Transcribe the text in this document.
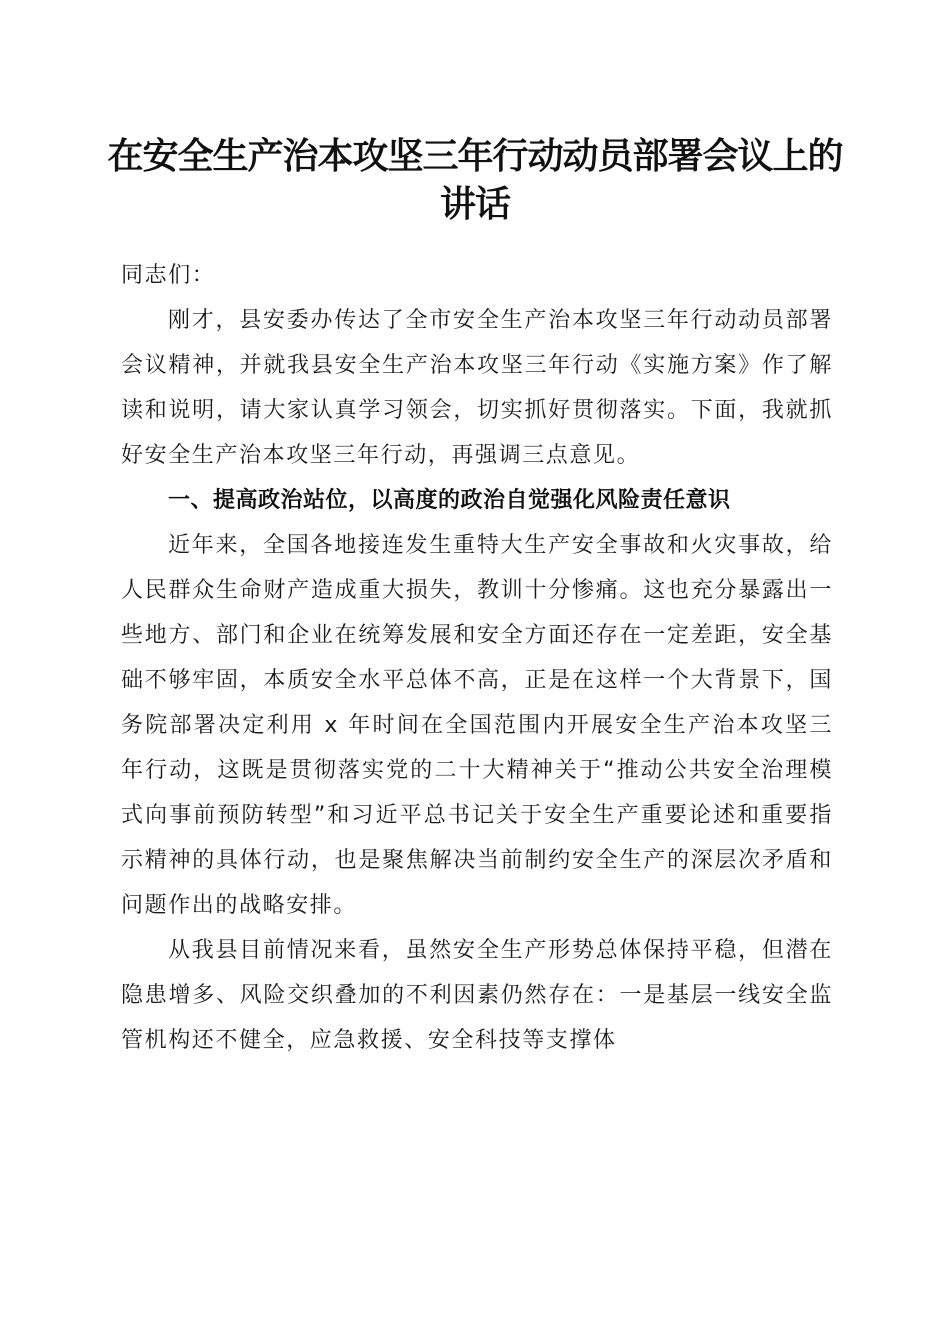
在安全生产治本攻坚三年行动动员部署会议上的讲话

同志们：

刚才，县安委办传达了全市安全生产治本攻坚三年行动动员部署会议精神，并就我县安全生产治本攻坚三年行动《实施方案》作了解读和说明，请大家认真学习领会，切实抓好贯彻落实。下面，我就抓好安全生产治本攻坚三年行动，再强调三点意见。

一、提高政治站位，以高度的政治自觉强化风险责任意识

近年来，全国各地接连发生重特大生产安全事故和火灾事故，给人民群众生命财产造成重大损失，教训十分惨痛。这也充分暴露出一些地方、部门和企业在统筹发展和安全方面还存在一定差距，安全基础不够牢固，本质安全水平总体不高，正是在这样一个大背景下，国务院部署决定利用 x 年时间在全国范围内开展安全生产治本攻坚三年行动，这既是贯彻落实党的二十大精神关于“推动公共安全治理模式向事前预防转型”和习近平总书记关于安全生产重要论述和重要指示精神的具体行动，也是聚焦解决当前制约安全生产的深层次矛盾和问题作出的战略安排。

从我县目前情况来看，虽然安全生产形势总体保持平稳，但潜在隐患增多、风险交织叠加的不利因素仍然存在：一是基层一线安全监管机构还不健全，应急救援、安全科技等支撑体
